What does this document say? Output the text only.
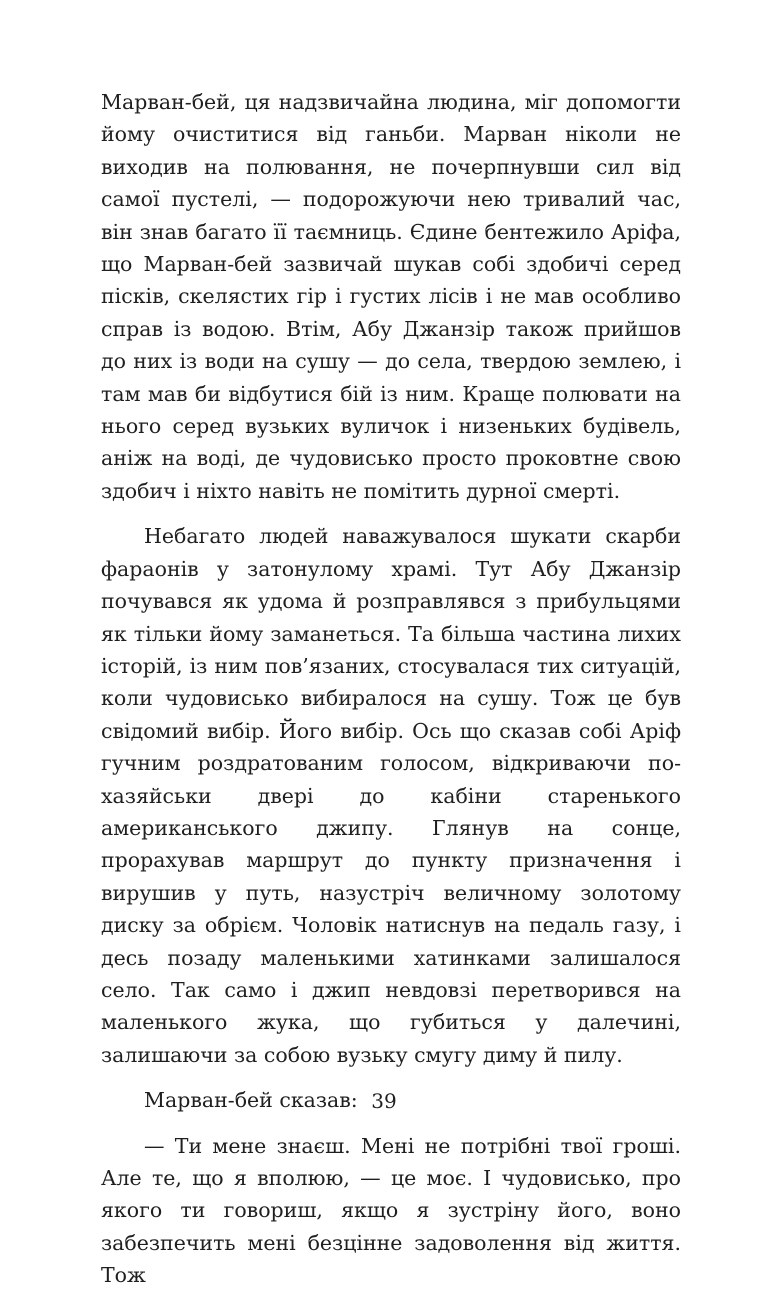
Марван-бей, ця надзвичайна людина, міг допомогти йому очиститися від ганьби. Марван ніколи не виходив на полювання, не почерпнувши сил від самої пустелі, — подорожуючи нею тривалий час, він знав багато її таємниць. Єдине бентежило Аріфа, що Марван-бей зазвичай шукав собі здобичі серед пісків, скелястих гір і густих лісів і не мав особливо справ із водою. Втім, Абу Джанзір також прийшов до них із води на сушу — до села, твердою землею, і там мав би відбутися бій із ним. Краще полювати на нього серед вузьких вуличок і низеньких будівель, аніж на воді, де чудовисько просто проковтне свою здобич і ніхто навіть не помітить дурної смерті.

Небагато людей наважувалося шукати скарби фараонів у затонулому храмі. Тут Абу Джанзір почувався як удома й розправлявся з прибульцями як тільки йому заманеться. Та більша частина лихих історій, із ним пов’язаних, стосувалася тих ситуацій, коли чудовисько вибиралося на сушу. Тож це був свідомий вибір. Його вибір. Ось що сказав собі Аріф гучним роздратованим голосом, відкриваючи по-хазяйськи двері до кабіни старенького американського джипу. Глянув на сонце, прорахував маршрут до пункту призначення і вирушив у путь, назустріч величному золотому диску за обрієм. Чоловік натиснув на педаль газу, і десь позаду маленькими хатинками залишалося село. Так само і джип невдовзі перетворився на маленького жука, що губиться у далечині, залишаючи за собою вузьку смугу диму й пилу.

Марван-бей сказав:

— Ти мене знаєш. Мені не потрібні твої гроші. Але те, що я вполюю, — це моє. І чудовисько, про якого ти говориш, якщо я зустріну його, воно забезпечить мені безцінне задоволення від життя. Тож

39
